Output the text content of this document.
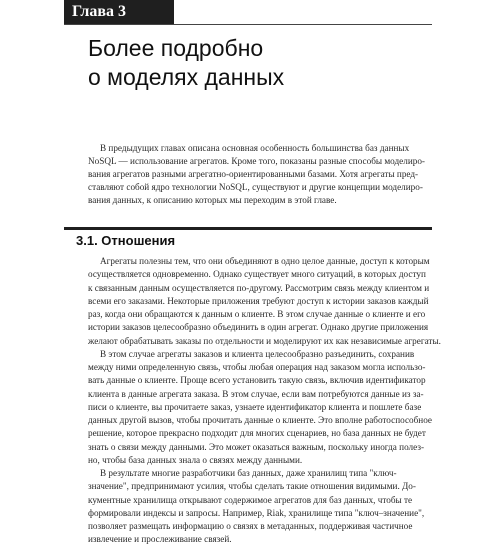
Глава 3
Более подробно
о моделях данных
В предыдущих главах описана основная особенность большинства баз данных
NoSQL — использование агрегатов. Кроме того, показаны разные способы моделиро-
вания агрегатов разными агрегатно-ориентированными базами. Хотя агрегаты пред-
ставляют собой ядро технологии NoSQL, существуют и другие концепции моделиро-
вания данных, к описанию которых мы переходим в этой главе.
3.1. Отношения
Агрегаты полезны тем, что они объединяют в одно целое данные, доступ к которым
осуществляется одновременно. Однако существует много ситуаций, в которых доступ
к связанным данным осуществляется по-другому. Рассмотрим связь между клиентом и
всеми его заказами. Некоторые приложения требуют доступ к истории заказов каждый
раз, когда они обращаются к данным о клиенте. В этом случае данные о клиенте и его
истории заказов целесообразно объединить в один агрегат. Однако другие приложения
желают обрабатывать заказы по отдельности и моделируют их как независимые агрегаты.
В этом случае агрегаты заказов и клиента целесообразно разъединить, сохранив
между ними определенную связь, чтобы любая операция над заказом могла использо-
вать данные о клиенте. Проще всего установить такую связь, включив идентификатор
клиента в данные агрегата заказа. В этом случае, если вам потребуются данные из за-
писи о клиенте, вы прочитаете заказ, узнаете идентификатор клиента и пошлете базе
данных другой вызов, чтобы прочитать данные о клиенте. Это вполне работоспособное
решение, которое прекрасно подходит для многих сценариев, но база данных не будет
знать о связи между данными. Это может оказаться важным, поскольку иногда полез-
но, чтобы база данных знала о связях между данными.
В результате многие разработчики баз данных, даже хранилищ типа "ключ-
значение", предпринимают усилия, чтобы сделать такие отношения видимыми. До-
кументные хранилища открывают содержимое агрегатов для баз данных, чтобы те
формировали индексы и запросы. Например, Riak, хранилище типа "ключ–значение",
позволяет размещать информацию о связях в метаданных, поддерживая частичное
извлечение и прослеживание связей.
